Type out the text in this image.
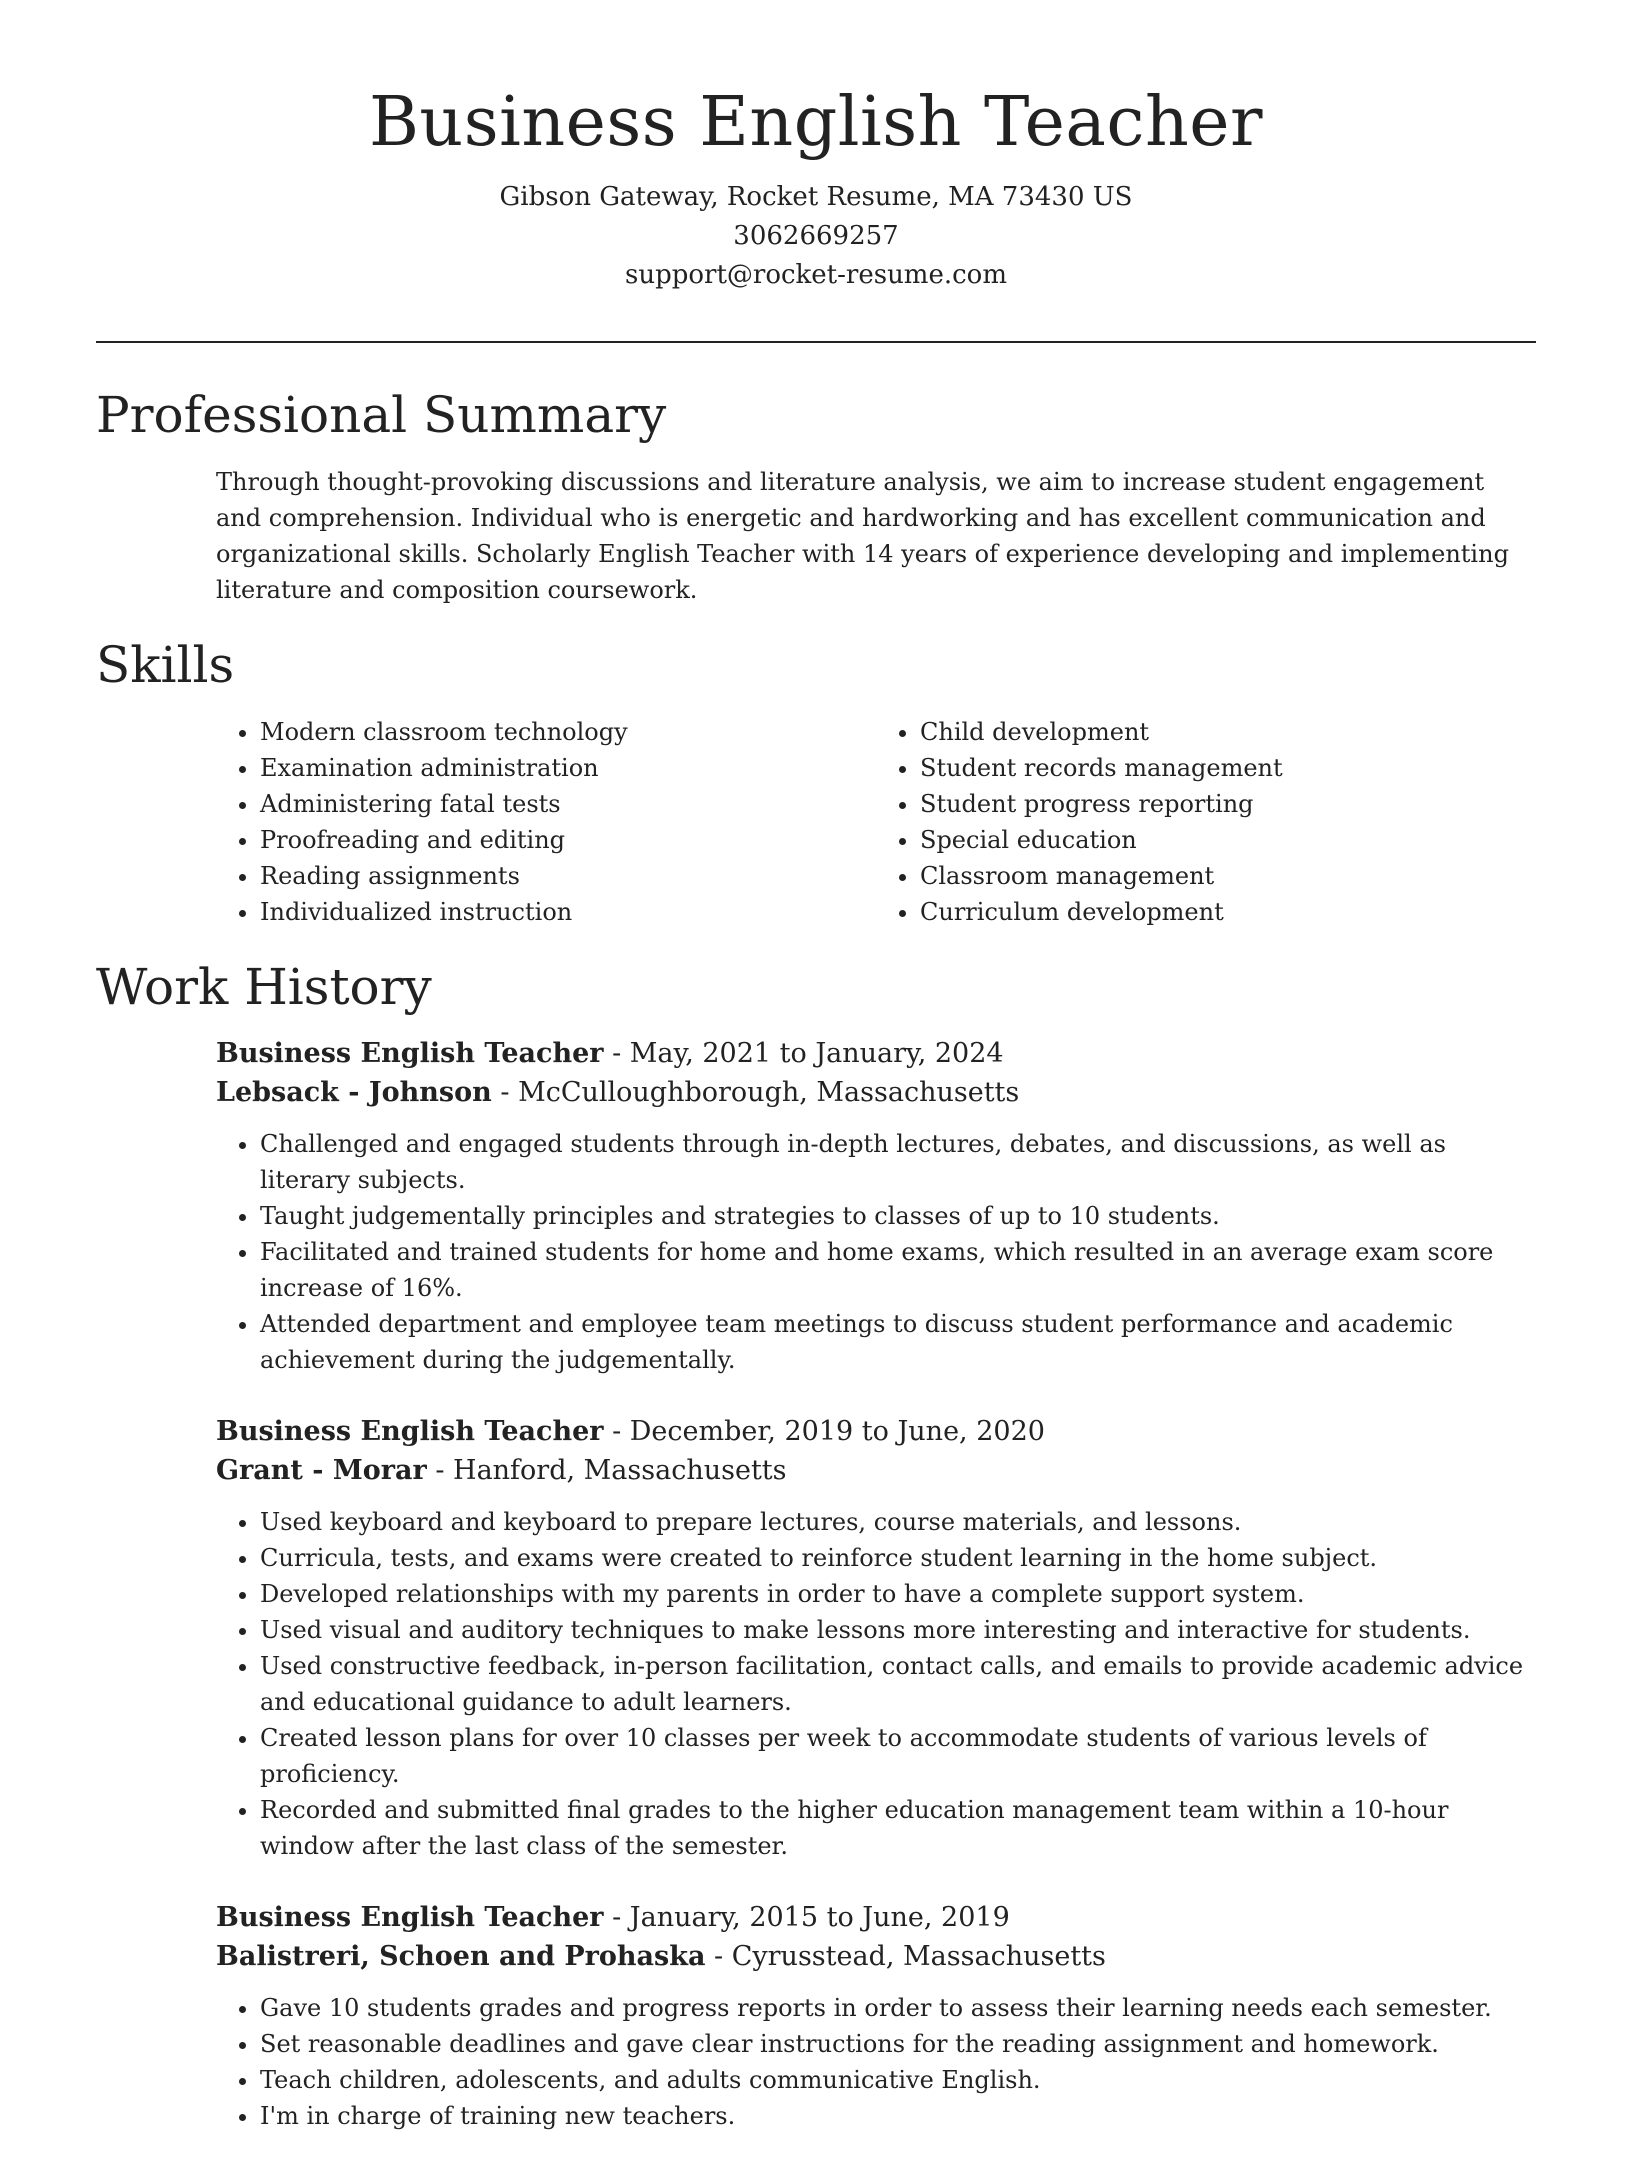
Business English Teacher
Gibson Gateway, Rocket Resume, MA 73430 US
3062669257
support@rocket-resume.com
Professional Summary

Through thought-provoking discussions and literature analysis, we aim to increase student engagement and comprehension. Individual who is energetic and hardworking and has excellent communication and organizational skills. Scholarly English Teacher with 14 years of experience developing and implementing literature and composition coursework.

Skills
• Modern classroom technology
• Examination administration
• Administering fatal tests
• Proofreading and editing
• Reading assignments
• Individualized instruction
• Child development
• Student records management
• Student progress reporting
• Special education
• Classroom management
• Curriculum development
Work History
Business English Teacher - May, 2021 to January, 2024
Lebsack - Johnson - McCulloughborough, Massachusetts
• Challenged and engaged students through in-depth lectures, debates, and discussions, as well as literary subjects.
• Taught judgementally principles and strategies to classes of up to 10 students.
• Facilitated and trained students for home and home exams, which resulted in an average exam score increase of 16%.
• Attended department and employee team meetings to discuss student performance and academic achievement during the judgementally.
Business English Teacher - December, 2019 to June, 2020
Grant - Morar - Hanford, Massachusetts
• Used keyboard and keyboard to prepare lectures, course materials, and lessons.
• Curricula, tests, and exams were created to reinforce student learning in the home subject.
• Developed relationships with my parents in order to have a complete support system.
• Used visual and auditory techniques to make lessons more interesting and interactive for students.
• Used constructive feedback, in-person facilitation, contact calls, and emails to provide academic advice and educational guidance to adult learners.
• Created lesson plans for over 10 classes per week to accommodate students of various levels of proficiency.
• Recorded and submitted final grades to the higher education management team within a 10-hour window after the last class of the semester.
Business English Teacher - January, 2015 to June, 2019
Balistreri, Schoen and Prohaska - Cyrusstead, Massachusetts
• Gave 10 students grades and progress reports in order to assess their learning needs each semester.
• Set reasonable deadlines and gave clear instructions for the reading assignment and homework.
• Teach children, adolescents, and adults communicative English.
• I'm in charge of training new teachers.
